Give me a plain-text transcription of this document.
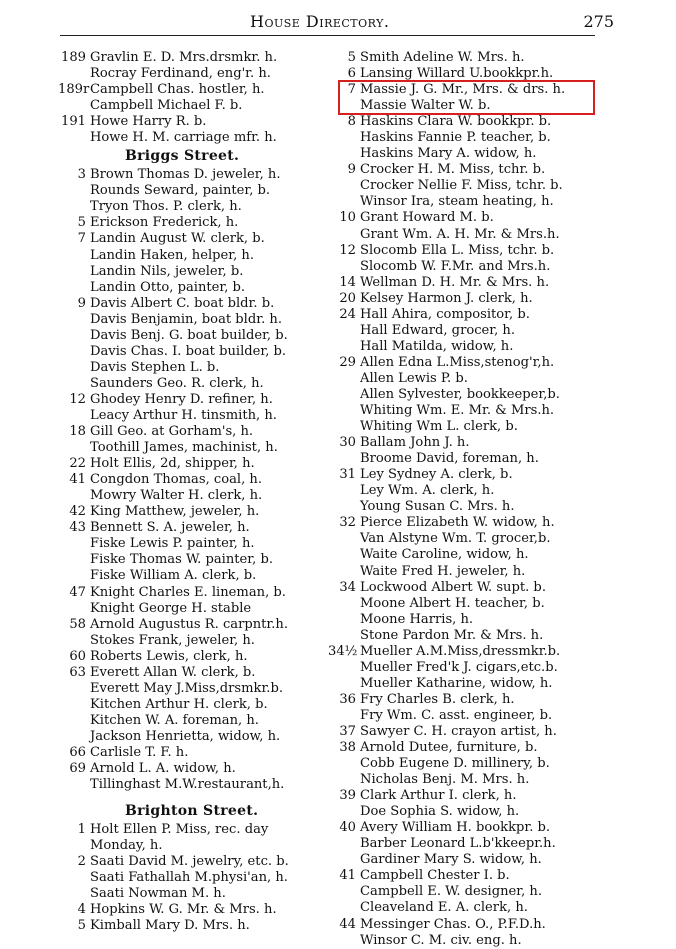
House Directory.	275
189 Gravlin E. D. Mrs.drsmkr. h.
Rocray Ferdinand, eng'r. h.
189r Campbell Chas. hostler, h.
Campbell Michael F. b.
191 Howe Harry R. b.
Howe H. M. carriage mfr. h.
Briggs Street.
3 Brown Thomas D. jeweler, h.
Rounds Seward, painter, b.
Tryon Thos. P. clerk, h.
5 Erickson Frederick, h.
7 Landin August W. clerk, b.
Landin Haken, helper, h.
Landin Nils, jeweler, b.
Landin Otto, painter, b.
9 Davis Albert C. boat bldr. b.
Davis Benjamin, boat bldr. h.
Davis Benj. G. boat builder, b.
Davis Chas. I. boat builder, b.
Davis Stephen L. b.
Saunders Geo. R. clerk, h.
12 Ghodey Henry D. refiner, h.
Leacy Arthur H. tinsmith, h.
18 Gill Geo. at Gorham's, h.
Toothill James, machinist, h.
22 Holt Ellis, 2d, shipper, h.
41 Congdon Thomas, coal, h.
Mowry Walter H. clerk, h.
42 King Matthew, jeweler, h.
43 Bennett S. A. jeweler, h.
Fiske Lewis P. painter, h.
Fiske Thomas W. painter, b.
Fiske William A. clerk, b.
47 Knight Charles E. lineman, b.
Knight George H. stable
58 Arnold Augustus R. carpntr.h.
Stokes Frank, jeweler, h.
60 Roberts Lewis, clerk, h.
63 Everett Allan W. clerk, b.
Everett May J.Miss,drsmkr.b.
Kitchen Arthur H. clerk, b.
Kitchen W. A. foreman, h.
Jackson Henrietta, widow, h.
66 Carlisle T. F. h.
69 Arnold L. A. widow, h.
Tillinghast M.W.restaurant,h.
Brighton Street.
1 Holt Ellen P. Miss, rec. day
Monday, h.
2 Saati David M. jewelry, etc. b.
Saati Fathallah M.physi'an, h.
Saati Nowman M. h.
4 Hopkins W. G. Mr. & Mrs. h.
5 Kimball Mary D. Mrs. h.
5 Smith Adeline W. Mrs. h.
6 Lansing Willard U.bookkpr.h.
7 Massie J. G. Mr., Mrs. & drs. h.
Massie Walter W. b.
8 Haskins Clara W. bookkpr. b.
Haskins Fannie P. teacher, b.
Haskins Mary A. widow, h.
9 Crocker H. M. Miss, tchr. b.
Crocker Nellie F. Miss, tchr. b.
Winsor Ira, steam heating, h.
10 Grant Howard M. b.
Grant Wm. A. H. Mr. & Mrs.h.
12 Slocomb Ella L. Miss, tchr. b.
Slocomb W. F.Mr. and Mrs.h.
14 Wellman D. H. Mr. & Mrs. h.
20 Kelsey Harmon J. clerk, h.
24 Hall Ahira, compositor, b.
Hall Edward, grocer, h.
Hall Matilda, widow, h.
29 Allen Edna L.Miss,stenog'r,h.
Allen Lewis P. b.
Allen Sylvester, bookkeeper,b.
Whiting Wm. E. Mr. & Mrs.h.
Whiting Wm L. clerk, b.
30 Ballam John J. h.
Broome David, foreman, h.
31 Ley Sydney A. clerk, b.
Ley Wm. A. clerk, h.
Young Susan C. Mrs. h.
32 Pierce Elizabeth W. widow, h.
Van Alstyne Wm. T. grocer,b.
Waite Caroline, widow, h.
Waite Fred H. jeweler, h.
34 Lockwood Albert W. supt. b.
Moone Albert H. teacher, b.
Moone Harris, h.
Stone Pardon Mr. & Mrs. h.
34½ Mueller A.M.Miss,dressmkr.b.
Mueller Fred'k J. cigars,etc.b.
Mueller Katharine, widow, h.
36 Fry Charles B. clerk, h.
Fry Wm. C. asst. engineer, b.
37 Sawyer C. H. crayon artist, h.
38 Arnold Dutee, furniture, b.
Cobb Eugene D. millinery, b.
Nicholas Benj. M. Mrs. h.
39 Clark Arthur I. clerk, h.
Doe Sophia S. widow, h.
40 Avery William H. bookkpr. b.
Barber Leonard L.b'kkeepr.h.
Gardiner Mary S. widow, h.
41 Campbell Chester I. b.
Campbell E. W. designer, h.
Cleaveland E. A. clerk, h.
44 Messinger Chas. O., P.F.D.h.
Winsor C. M. civ. eng. h.
